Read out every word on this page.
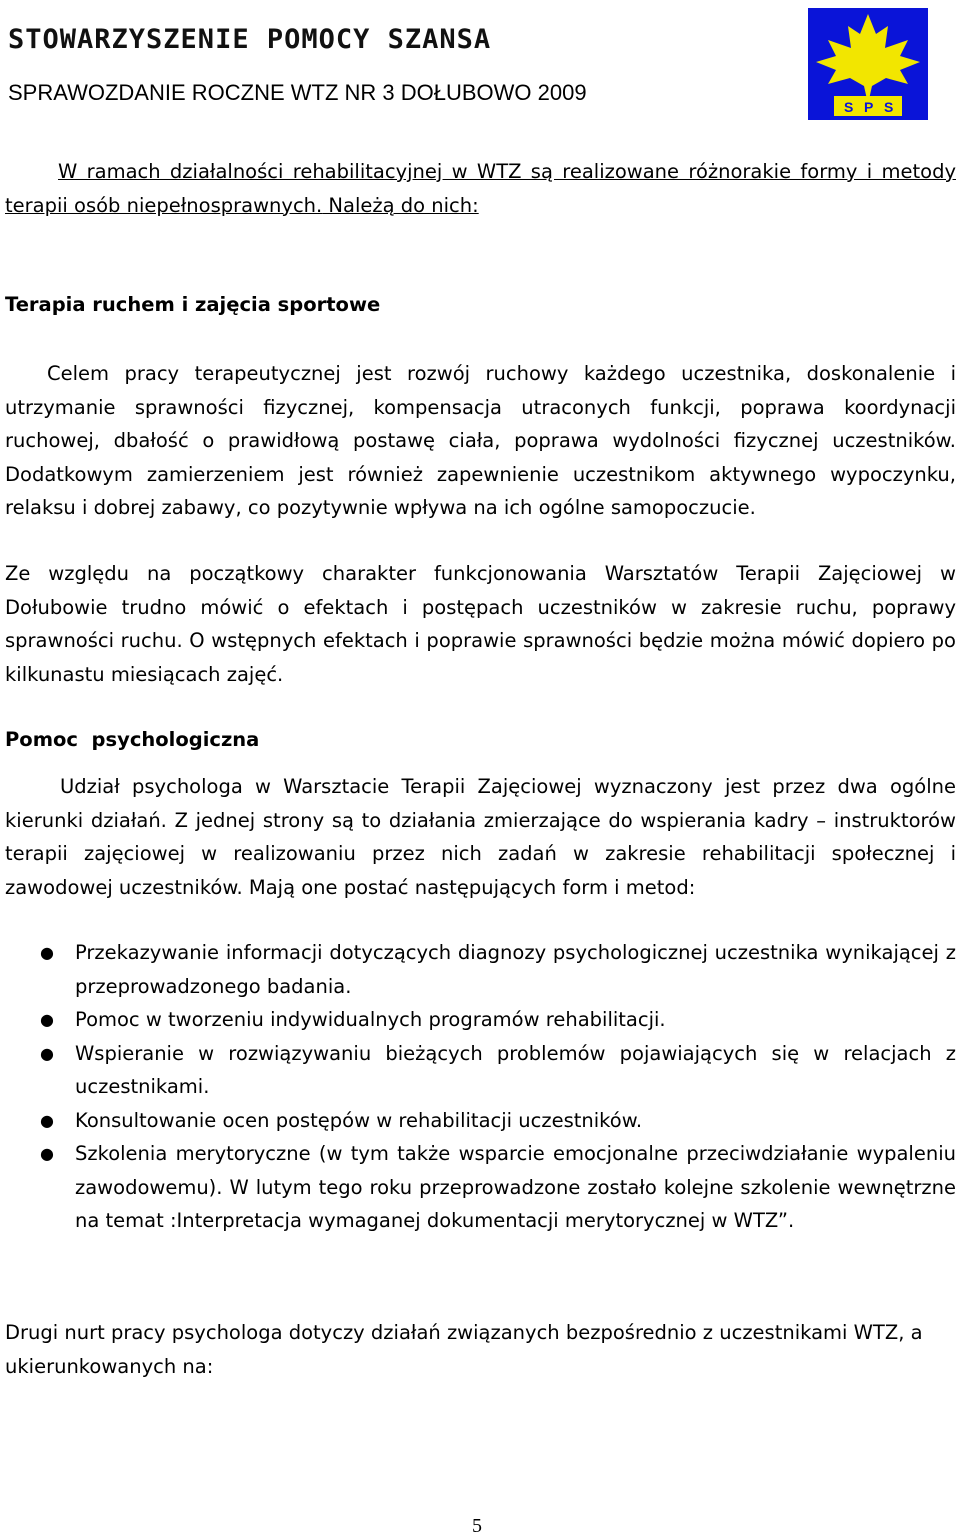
STOWARZYSZENIE POMOCY SZANSA
SPRAWOZDANIE ROCZNE WTZ NR 3 DOŁUBOWO 2009
S P S

W ramach działalności rehabilitacyjnej w WTZ są realizowane różnorakie formy i metody terapii osób niepełnosprawnych. Należą do nich:

Terapia ruchem i zajęcia sportowe

Celem pracy terapeutycznej jest rozwój ruchowy każdego uczestnika, doskonalenie i utrzymanie sprawności fizycznej, kompensacja utraconych funkcji, poprawa koordynacji ruchowej, dbałość o prawidłową postawę ciała, poprawa wydolności fizycznej uczestników. Dodatkowym zamierzeniem jest również zapewnienie uczestnikom aktywnego wypoczynku, relaksu i dobrej zabawy, co pozytywnie wpływa na ich ogólne samopoczucie.

Ze względu na początkowy charakter funkcjonowania Warsztatów Terapii Zajęciowej w Dołubowie trudno mówić o efektach i postępach uczestników w zakresie ruchu, poprawy sprawności ruchu. O wstępnych efektach i poprawie sprawności będzie można mówić dopiero po kilkunastu miesiącach zajęć.

Pomoc  psychologiczna

Udział psychologa w Warsztacie Terapii Zajęciowej wyznaczony jest przez dwa ogólne kierunki działań. Z jednej strony są to działania zmierzające do wspierania kadry – instruktorów terapii zajęciowej w realizowaniu przez nich zadań w zakresie rehabilitacji społecznej i zawodowej uczestników. Mają one postać następujących form i metod:

● Przekazywanie informacji dotyczących diagnozy psychologicznej uczestnika wynikającej z przeprowadzonego badania.
● Pomoc w tworzeniu indywidualnych programów rehabilitacji.
● Wspieranie w rozwiązywaniu bieżących problemów pojawiających się w relacjach z uczestnikami.
● Konsultowanie ocen postępów w rehabilitacji uczestników.
● Szkolenia merytoryczne (w tym także wsparcie emocjonalne przeciwdziałanie wypaleniu zawodowemu). W lutym tego roku przeprowadzone zostało kolejne szkolenie wewnętrzne na temat :Interpretacja wymaganej dokumentacji merytorycznej w WTZ”.

Drugi nurt pracy psychologa dotyczy działań związanych bezpośrednio z uczestnikami WTZ, a ukierunkowanych na:

5
